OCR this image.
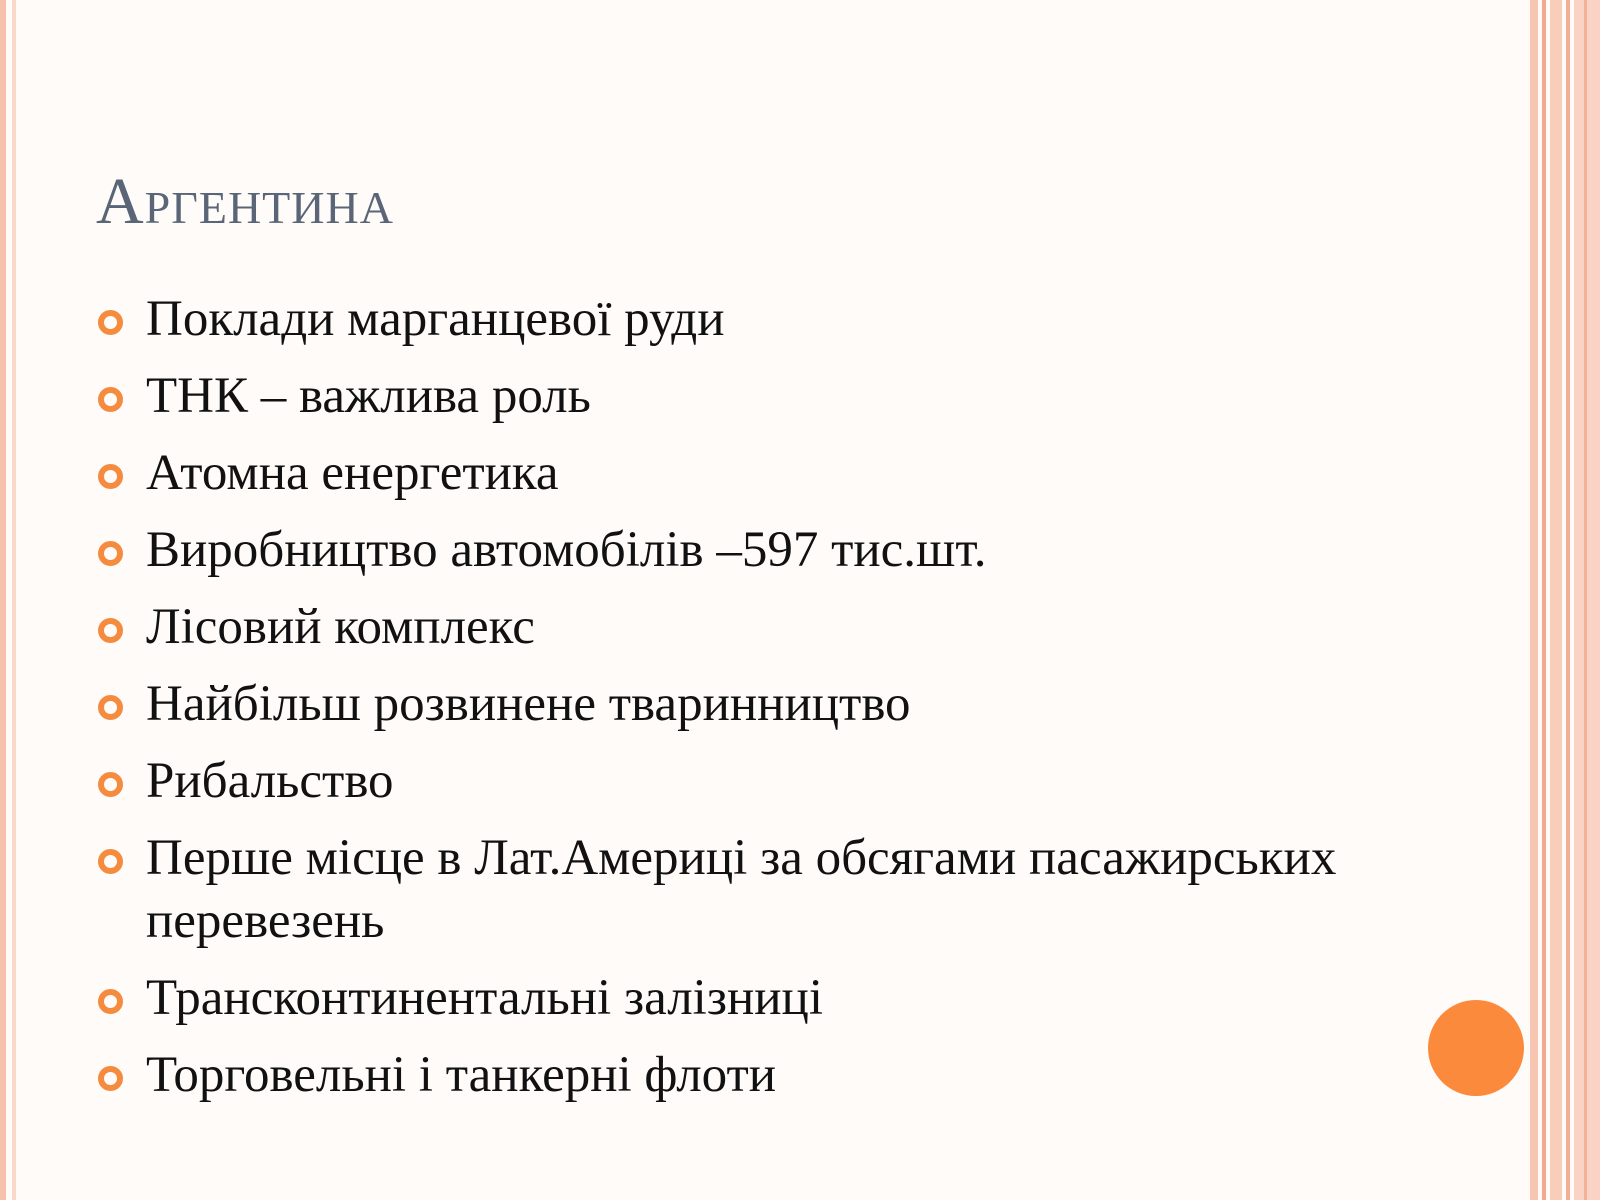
Аргентина
Поклади марганцевої руди
ТНК – важлива роль
Атомна енергетика
Виробництво автомобілів –597 тис.шт.
Лісовий комплекс
Найбільш розвинене тваринництво
Рибальство
Перше місце в Лат.Америці за обсягами пасажирських перевезень
Трансконтинентальні залізниці
Торговельні і танкерні флоти
